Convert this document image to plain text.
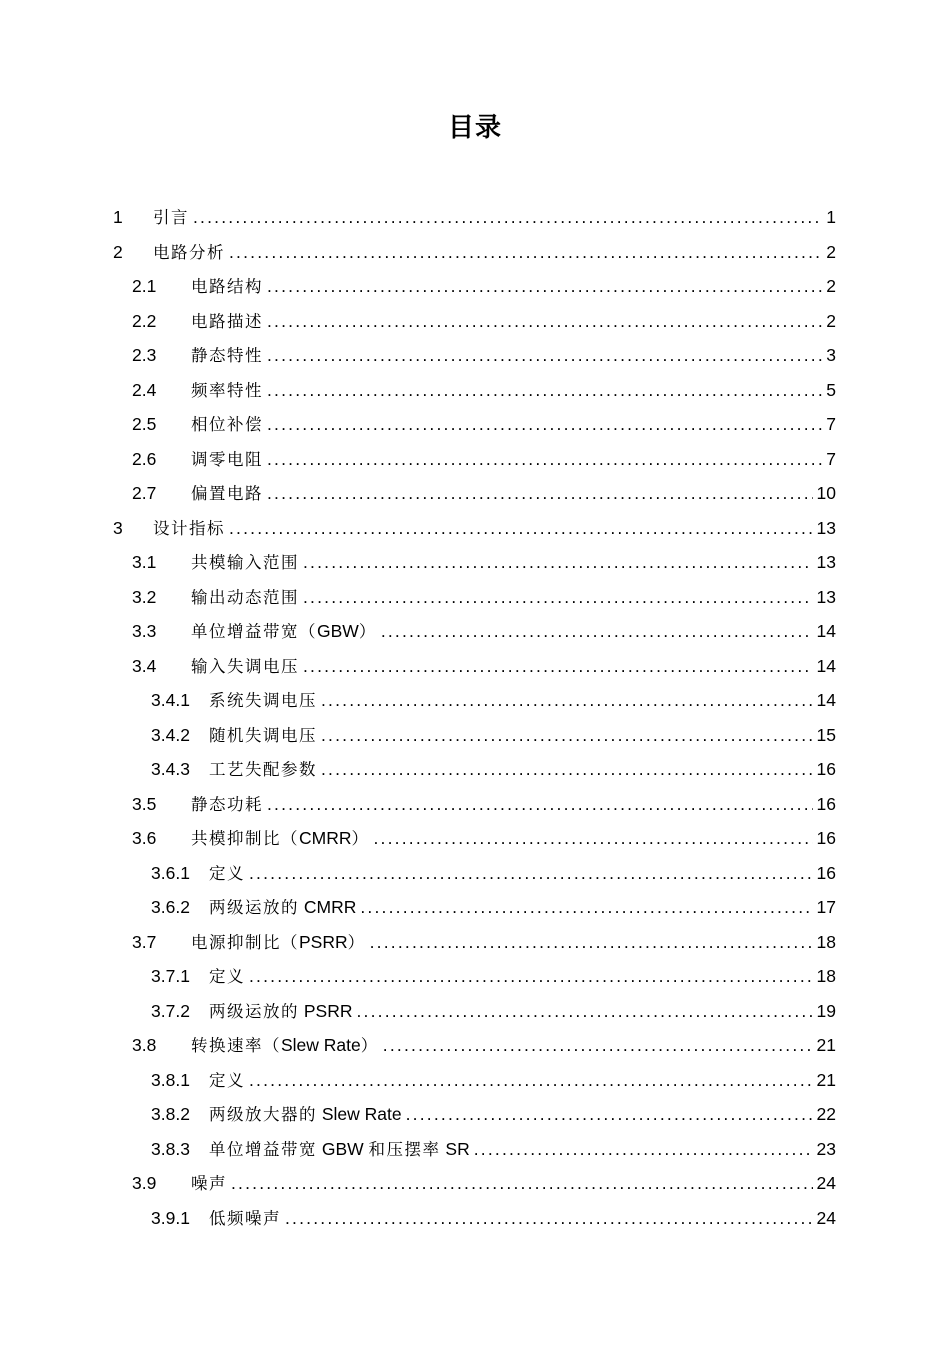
目录
1	引言 .....	1
2	电路分析 .....	2
2.1	电路结构 .....	2
2.2	电路描述 .....	2
2.3	静态特性 .....	3
2.4	频率特性 .....	5
2.5	相位补偿 .....	7
2.6	调零电阻 .....	7
2.7	偏置电路 .....	10
3	设计指标 .....	13
3.1	共模输入范围 .....	13
3.2	输出动态范围 .....	13
3.3	单位增益带宽（GBW） .....	14
3.4	输入失调电压 .....	14
3.4.1	系统失调电压 .....	14
3.4.2	随机失调电压 .....	15
3.4.3	工艺失配参数 .....	16
3.5	静态功耗 .....	16
3.6	共模抑制比（CMRR） .....	16
3.6.1	定义 .....	16
3.6.2	两级运放的 CMRR .....	17
3.7	电源抑制比（PSRR） .....	18
3.7.1	定义 .....	18
3.7.2	两级运放的 PSRR .....	19
3.8	转换速率（Slew Rate） .....	21
3.8.1	定义 .....	21
3.8.2	两级放大器的 Slew Rate .....	22
3.8.3	单位增益带宽 GBW 和压摆率 SR .....	23
3.9	噪声 .....	24
3.9.1	低频噪声 .....	24
